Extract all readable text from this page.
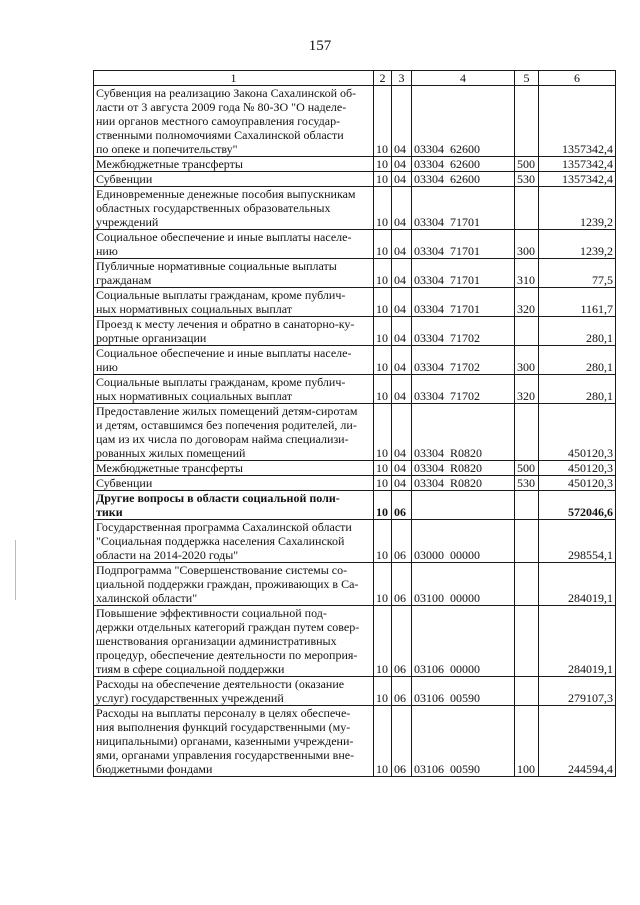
157
1	2	3	4	5	6
Субвенция на реализацию Закона Сахалинской об-
ласти от 3 августа 2009 года № 80-ЗО "О наделе-
нии органов местного самоуправления государ-
ственными полномочиями Сахалинской области
по опеке и попечительству"	10	04	03304  62600		1357342,4
Межбюджетные трансферты	10	04	03304  62600	500	1357342,4
Субвенции	10	04	03304  62600	530	1357342,4
Единовременные денежные пособия выпускникам
областных государственных образовательных
учреждений	10	04	03304  71701		1239,2
Социальное обеспечение и иные выплаты населе-
нию	10	04	03304  71701	300	1239,2
Публичные нормативные социальные выплаты
гражданам	10	04	03304  71701	310	77,5
Социальные выплаты гражданам, кроме публич-
ных нормативных социальных выплат	10	04	03304  71701	320	1161,7
Проезд к месту лечения и обратно в санаторно-ку-
рортные организации	10	04	03304  71702		280,1
Социальное обеспечение и иные выплаты населе-
нию	10	04	03304  71702	300	280,1
Социальные выплаты гражданам, кроме публич-
ных нормативных социальных выплат	10	04	03304  71702	320	280,1
Предоставление жилых помещений детям-сиротам
и детям, оставшимся без попечения родителей, ли-
цам из их числа по договорам найма специализи-
рованных жилых помещений	10	04	03304  R0820		450120,3
Межбюджетные трансферты	10	04	03304  R0820	500	450120,3
Субвенции	10	04	03304  R0820	530	450120,3
Другие вопросы в области социальной поли-
тики	10	06			572046,6
Государственная программа Сахалинской области
"Социальная поддержка населения Сахалинской
области на 2014-2020 годы"	10	06	03000  00000		298554,1
Подпрограмма "Совершенствование системы со-
циальной поддержки граждан, проживающих в Са-
халинской области"	10	06	03100  00000		284019,1
Повышение эффективности социальной под-
держки отдельных категорий граждан путем совер-
шенствования организации административных
процедур, обеспечение деятельности по мероприя-
тиям в сфере социальной поддержки	10	06	03106  00000		284019,1
Расходы на обеспечение деятельности (оказание
услуг) государственных учреждений	10	06	03106  00590		279107,3
Расходы на выплаты персоналу в целях обеспече-
ния выполнения функций государственными (му-
ниципальными) органами, казенными учреждени-
ями, органами управления государственными вне-
бюджетными фондами	10	06	03106  00590	100	244594,4
